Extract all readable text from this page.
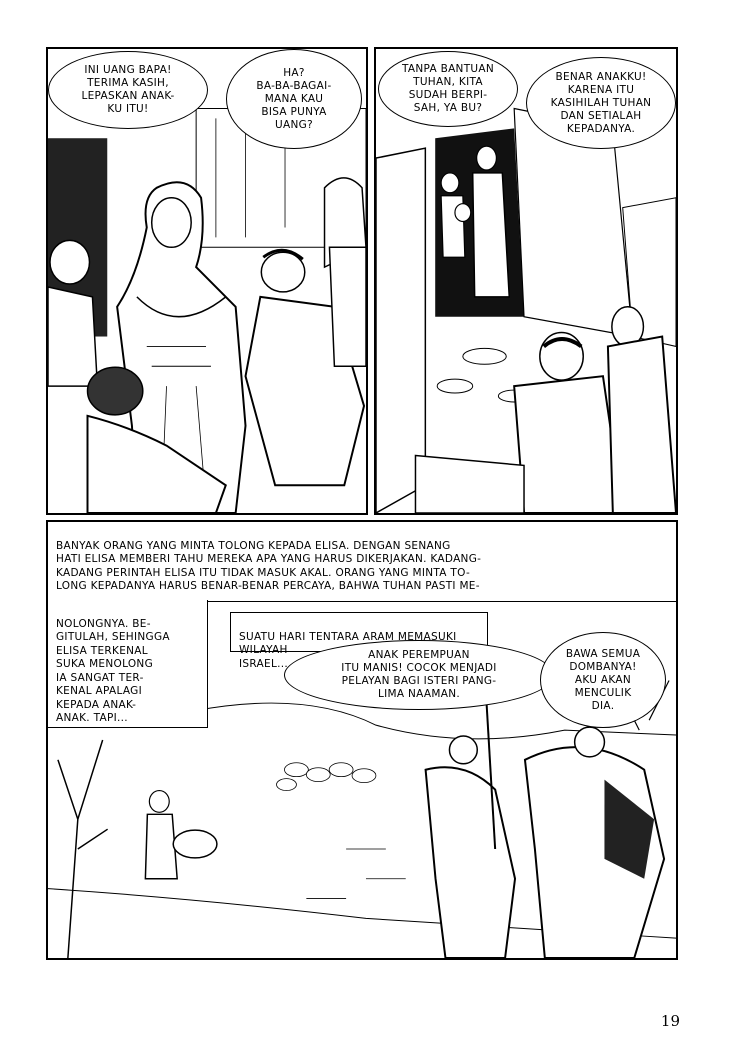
INI UANG BAPA!
TERIMA KASIH,
LEPASKAN ANAK-
KU ITU!
HA?
BA-BA-BAGAI-
MANA KAU
BISA PUNYA
UANG?
TANPA BANTUAN
TUHAN, KITA
SUDAH BERPI-
SAH, YA BU?
BENAR ANAKKU!
KARENA ITU
KASIHILAH TUHAN
DAN SETIALAH
KEPADANYA.

BANYAK ORANG YANG MINTA TOLONG KEPADA ELISA. DENGAN SENANG
HATI ELISA MEMBERI TAHU MEREKA APA YANG HARUS DIKERJAKAN. KADANG-
KADANG PERINTAH ELISA ITU TIDAK MASUK AKAL. ORANG YANG MINTA TO-
LONG KEPADANYA HARUS BENAR-BENAR PERCAYA, BAHWA TUHAN PASTI ME-

NOLONGNYA. BE-
GITULAH, SEHINGGA
ELISA TERKENAL
SUKA MENOLONG
IA SANGAT TER-
KENAL APALAGI
KEPADA ANAK-
ANAK. TAPI...

SUATU HARI TENTARA ARAM MEMASUKI WILAYAH
ISRAEL...

ANAK PEREMPUAN
ITU MANIS! COCOK MENJADI
PELAYAN BAGI ISTERI PANG-
LIMA NAAMAN.
BAWA SEMUA
DOMBANYA!
AKU AKAN
MENCULIK
DIA.
19
